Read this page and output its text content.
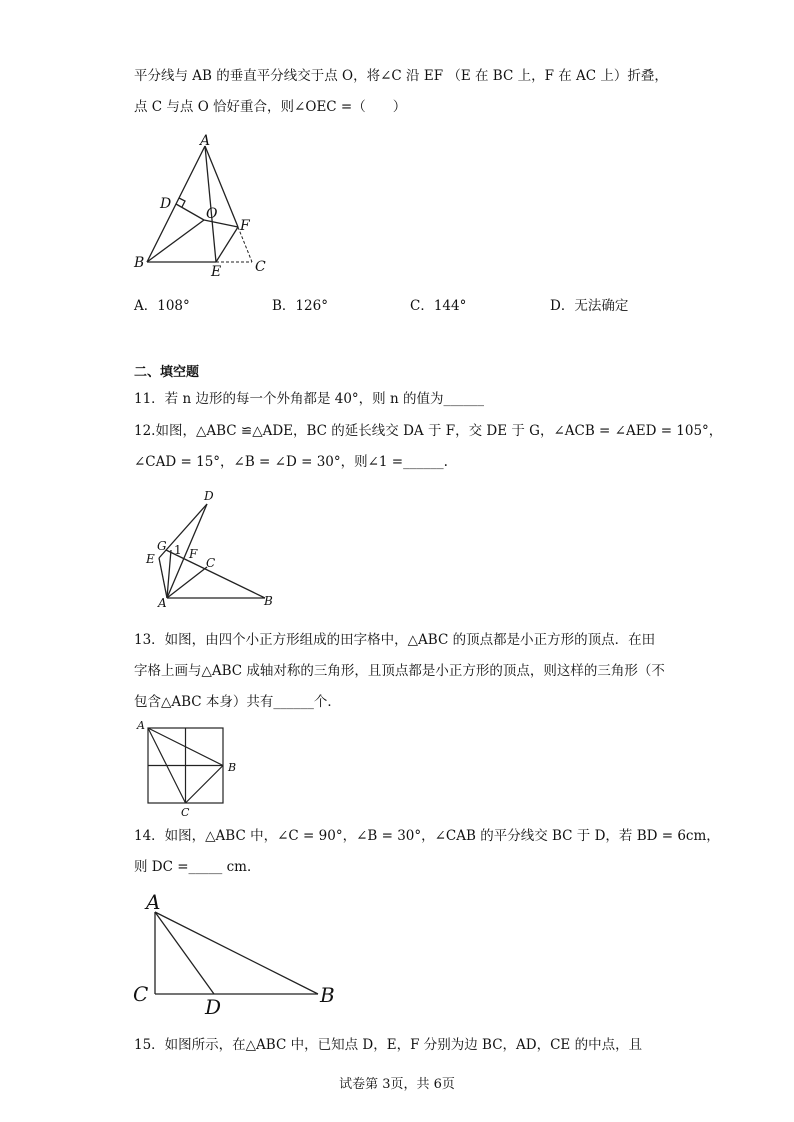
平分线与 AB 的垂直平分线交于点 O，将∠C 沿 EF （E 在 BC 上，F 在 AC 上）折叠，
点 C 与点 O 恰好重合，则∠OEC =（　　）
A
B	C
D
E
F
O
A．108°	B．126°	C．144°	D．无法确定
二、填空题
11．若 n 边形的每一个外角都是 40°，则 n 的值为______
12.如图，△ABC ≌△ADE，BC 的延长线交 DA 于 F，交 DE 于 G，∠ACB = ∠AED = 105°，
∠CAD = 15°，∠B = ∠D = 30°，则∠1 =______.
D
G 1 F
E	C
A	B
13．如图，由四个小正方形组成的田字格中，△ABC 的顶点都是小正方形的顶点．在田
字格上画与△ABC 成轴对称的三角形，且顶点都是小正方形的顶点，则这样的三角形（不
包含△ABC 本身）共有______个．
A
B
C
14．如图，△ABC 中，∠C = 90°，∠B = 30°，∠CAB 的平分线交 BC 于 D，若 BD = 6cm，
则 DC =_____ cm．
A
C
D	B
15．如图所示，在△ABC 中，已知点 D，E，F 分别为边 BC，AD，CE 的中点，且
试卷第 3页，共 6页
